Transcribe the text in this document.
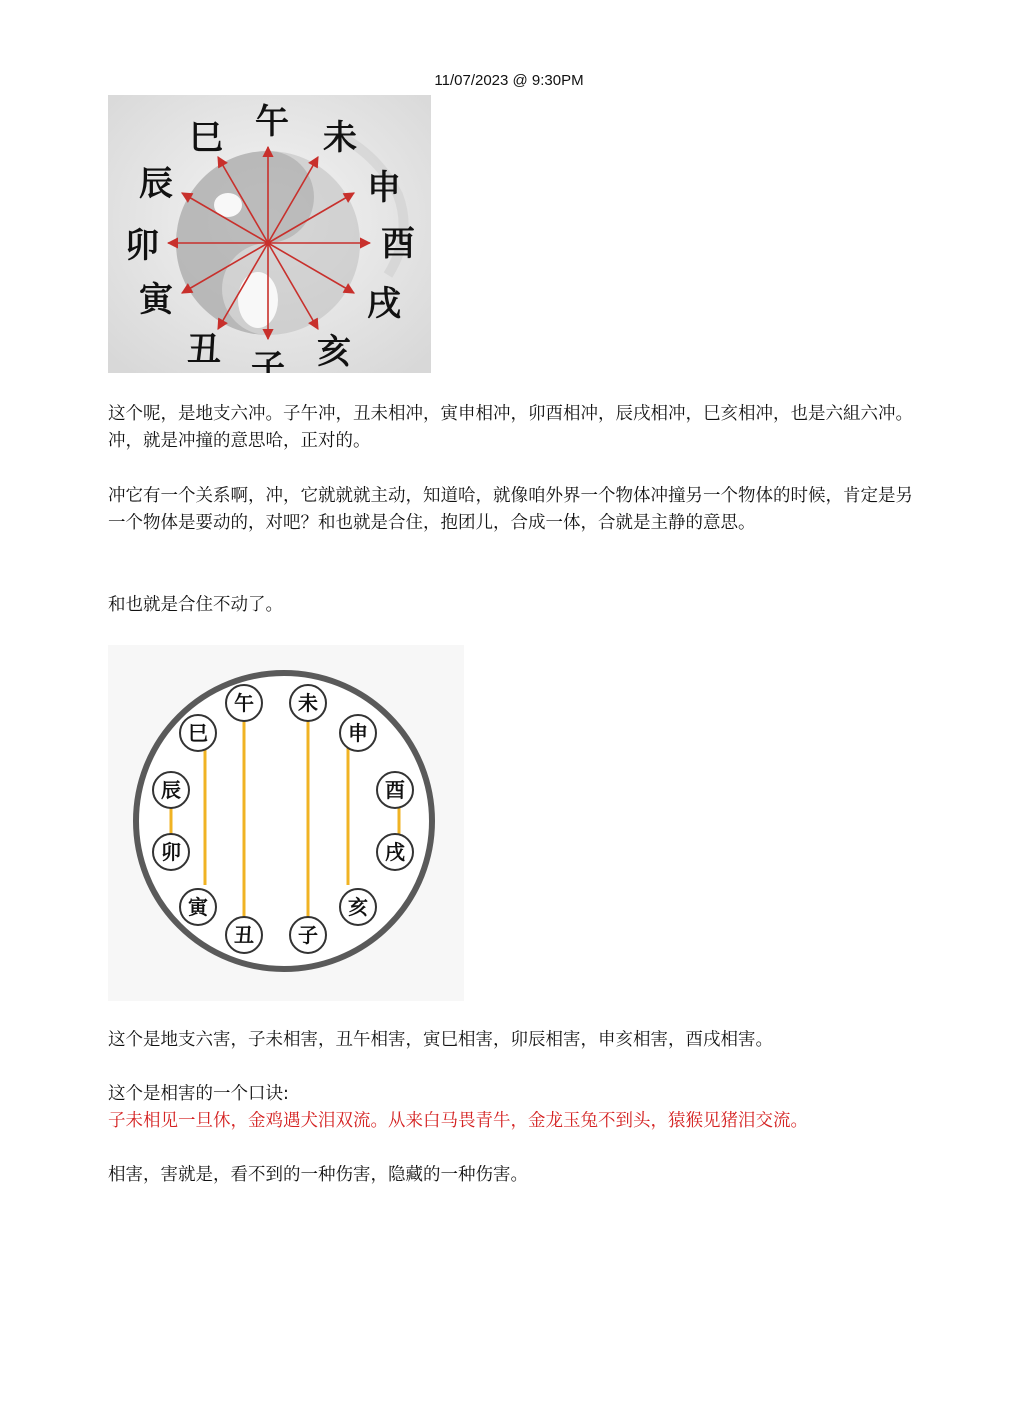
11/07/2023 @ 9:30PM
午 未
申
酉
戌
亥
子
丑
寅
卯
辰
巳

这个呢，是地支六冲。子午冲，丑未相冲，寅申相冲，卯酉相冲，辰戌相冲，巳亥相冲，也是六組六冲。冲，就是冲撞的意思哈，正对的。

冲它有一个关系啊，冲，它就就就主动，知道哈，就像咱外界一个物体冲撞另一个物体的时候，肯定是另一个物体是要动的，对吧？和也就是合住，抱团儿，合成一体，合就是主静的意思。

和也就是合住不动了。

午 未
申
酉
戌
亥
子
丑
寅
卯
辰
巳

这个是地支六害，子未相害，丑午相害，寅巳相害，卯辰相害，申亥相害，酉戌相害。

这个是相害的一个口诀:

子未相见一旦休，金鸡遇犬泪双流。从来白马畏青牛，金龙玉兔不到头，猿猴见猪泪交流。

相害，害就是，看不到的一种伤害，隐藏的一种伤害。
